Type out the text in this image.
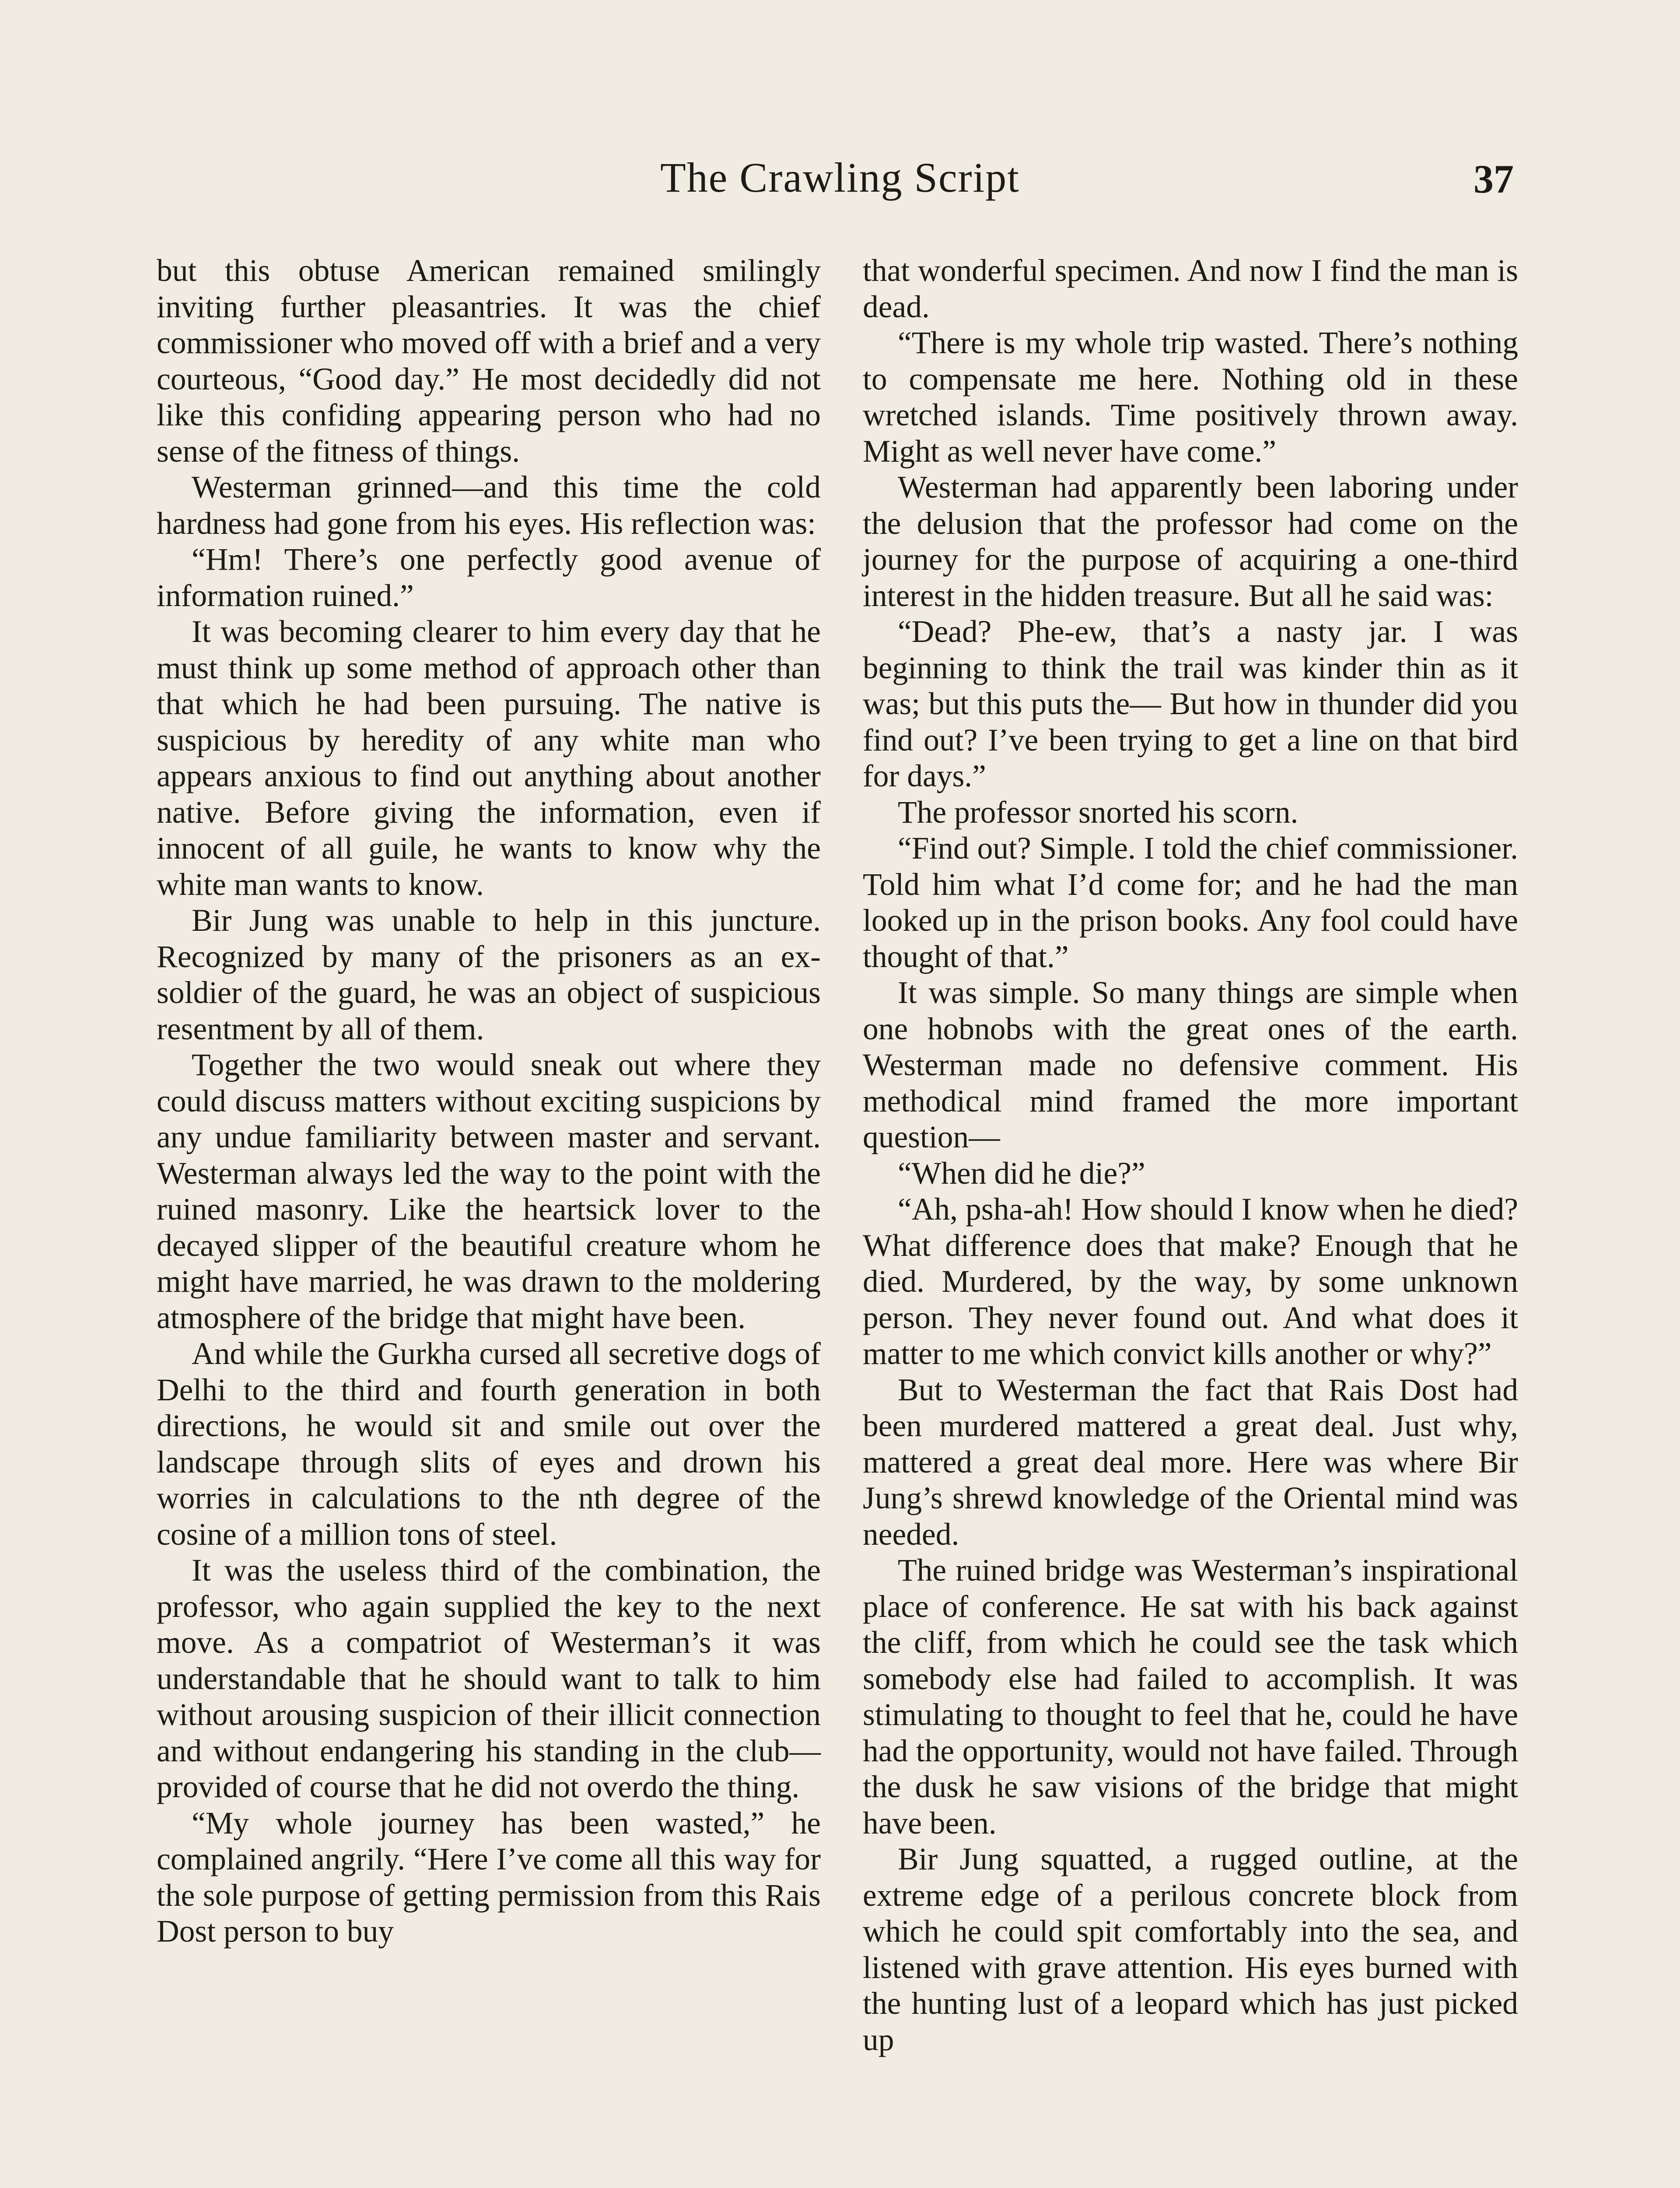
The Crawling Script	37

but this obtuse American remained smilingly inviting further pleasantries. It was the chief commissioner who moved off with a brief and a very courteous, “Good day.” He most decidedly did not like this confiding appearing person who had no sense of the fitness of things.

Westerman grinned—and this time the cold hardness had gone from his eyes. His reflection was:

“Hm! There’s one perfectly good avenue of information ruined.”

It was becoming clearer to him every day that he must think up some method of approach other than that which he had been pursuing. The native is suspicious by heredity of any white man who appears anxious to find out anything about another native. Before giving the information, even if innocent of all guile, he wants to know why the white man wants to know.

Bir Jung was unable to help in this juncture. Recognized by many of the prisoners as an ex-soldier of the guard, he was an object of suspicious resentment by all of them.

Together the two would sneak out where they could discuss matters without exciting suspicions by any undue familiarity between master and servant. Westerman always led the way to the point with the ruined masonry. Like the heartsick lover to the decayed slipper of the beautiful creature whom he might have married, he was drawn to the moldering atmosphere of the bridge that might have been.

And while the Gurkha cursed all secretive dogs of Delhi to the third and fourth generation in both directions, he would sit and smile out over the landscape through slits of eyes and drown his worries in calculations to the nth degree of the cosine of a million tons of steel.

It was the useless third of the combination, the professor, who again supplied the key to the next move. As a compatriot of Westerman’s it was understandable that he should want to talk to him without arousing suspicion of their illicit connection and without endangering his standing in the club—provided of course that he did not overdo the thing.

“My whole journey has been wasted,” he complained angrily. “Here I’ve come all this way for the sole purpose of getting permission from this Rais Dost person to buy

that wonderful specimen. And now I find the man is dead.

“There is my whole trip wasted. There’s nothing to compensate me here. Nothing old in these wretched islands. Time positively thrown away. Might as well never have come.”

Westerman had apparently been laboring under the delusion that the professor had come on the journey for the purpose of acquiring a one-third interest in the hidden treasure. But all he said was:

“Dead? Phe-ew, that’s a nasty jar. I was beginning to think the trail was kinder thin as it was; but this puts the— But how in thunder did you find out? I’ve been trying to get a line on that bird for days.”

The professor snorted his scorn.

“Find out? Simple. I told the chief commissioner. Told him what I’d come for; and he had the man looked up in the prison books. Any fool could have thought of that.”

It was simple. So many things are simple when one hobnobs with the great ones of the earth. Westerman made no defensive comment. His methodical mind framed the more important question—

“When did he die?”

“Ah, psha-ah! How should I know when he died? What difference does that make? Enough that he died. Murdered, by the way, by some unknown person. They never found out. And what does it matter to me which convict kills another or why?”

But to Westerman the fact that Rais Dost had been murdered mattered a great deal. Just why, mattered a great deal more. Here was where Bir Jung’s shrewd knowledge of the Oriental mind was needed.

The ruined bridge was Westerman’s inspirational place of conference. He sat with his back against the cliff, from which he could see the task which somebody else had failed to accomplish. It was stimulating to thought to feel that he, could he have had the opportunity, would not have failed. Through the dusk he saw visions of the bridge that might have been.

Bir Jung squatted, a rugged outline, at the extreme edge of a perilous concrete block from which he could spit comfortably into the sea, and listened with grave attention. His eyes burned with the hunting lust of a leopard which has just picked up
